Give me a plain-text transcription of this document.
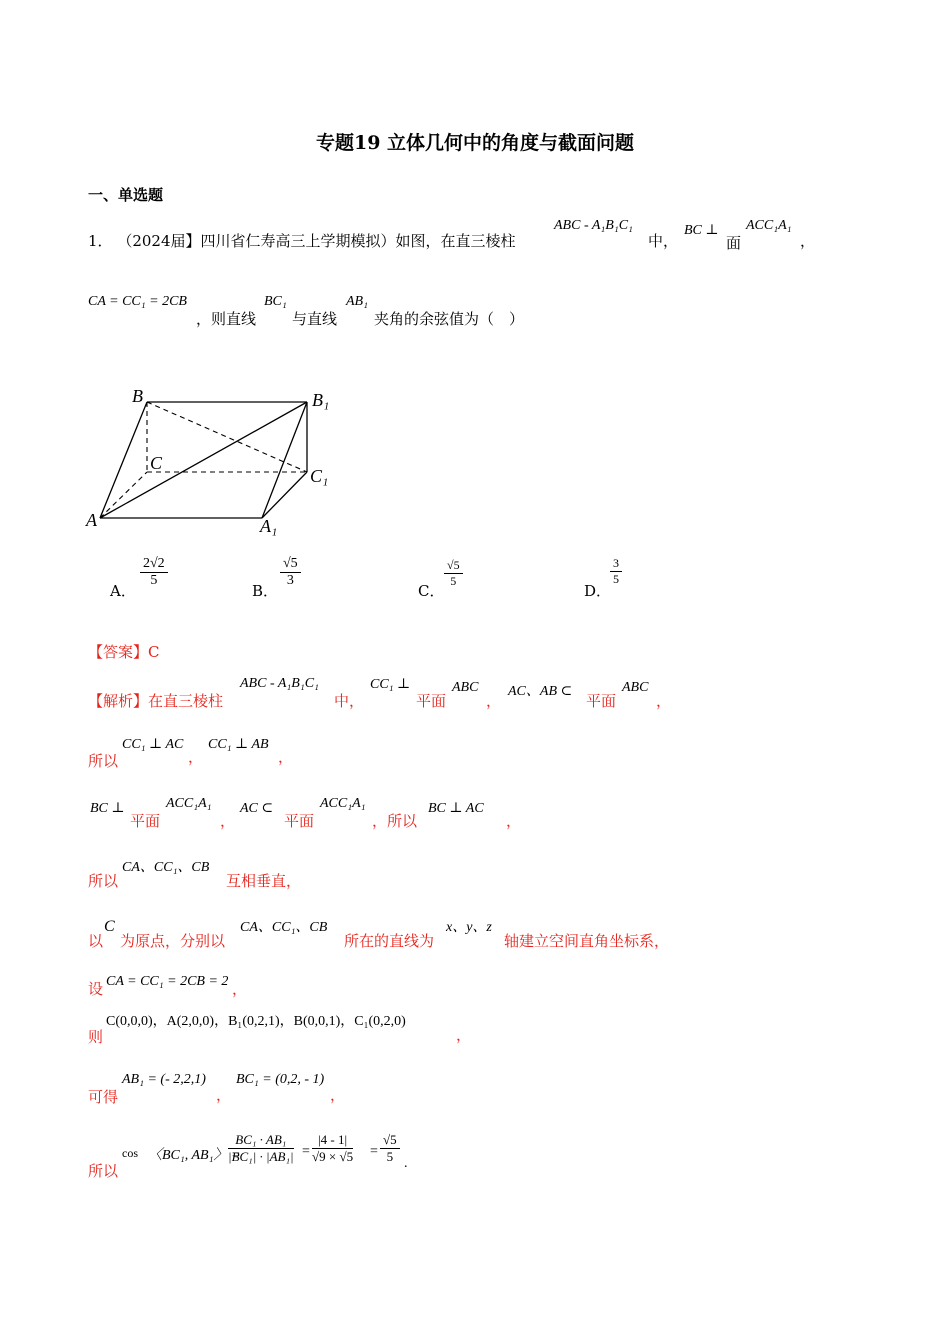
专题19 立体几何中的角度与截面问题
一、单选题
1． （2024届】四川省仁寿高三上学期模拟）如图，在直三棱柱
ABC - A₁B₁C₁
中，
BC ⊥
面
ACC₁A₁
，
CA = CC₁ = 2CB
，则直线
BC₁
与直线
AB₁
夹角的余弦值为（　）
B	B₁
C
C₁
A	A₁
A．
$\frac{2√2}{5}$
B．
$\frac{√5}{3}$
C．
$\frac{√5}{5}$
D．
$\frac{3}{5}$
【答案】C
【解析】在直三棱柱
ABC - A₁B₁C₁
中，
CC₁ ⊥
平面
ABC
，
AC、AB ⊂
平面
ABC
，
所以
CC₁ ⊥ AC
，
CC₁ ⊥ AB
，
BC ⊥
平面
ACC₁A₁
，
AC ⊂
平面
ACC₁A₁
，所以
BC ⊥ AC
，
所以
CA、CC₁、CB
互相垂直，
以
C
为原点，分别以
CA、CC₁、CB
所在的直线为
x、y、z
轴建立空间直角坐标系，
设 CA = CC₁ = 2CB = 2 ，
则
C(0,0,0)，A(2,0,0)，B₁(0,2,1)，B(0,0,1)，C₁(0,2,0)
，
可得
AB₁ = (- 2,2,1)
，
BC₁ = (0,2, - 1)
，
所以
cos 〈BC₁, AB₁〉 =
$\frac{\text{BC₁ · AB₁}}{\text{|BC₁| · |AB₁|}} = \frac{|4 - 1|}{√9 \times √5} = \frac{√5}{5}$ .
